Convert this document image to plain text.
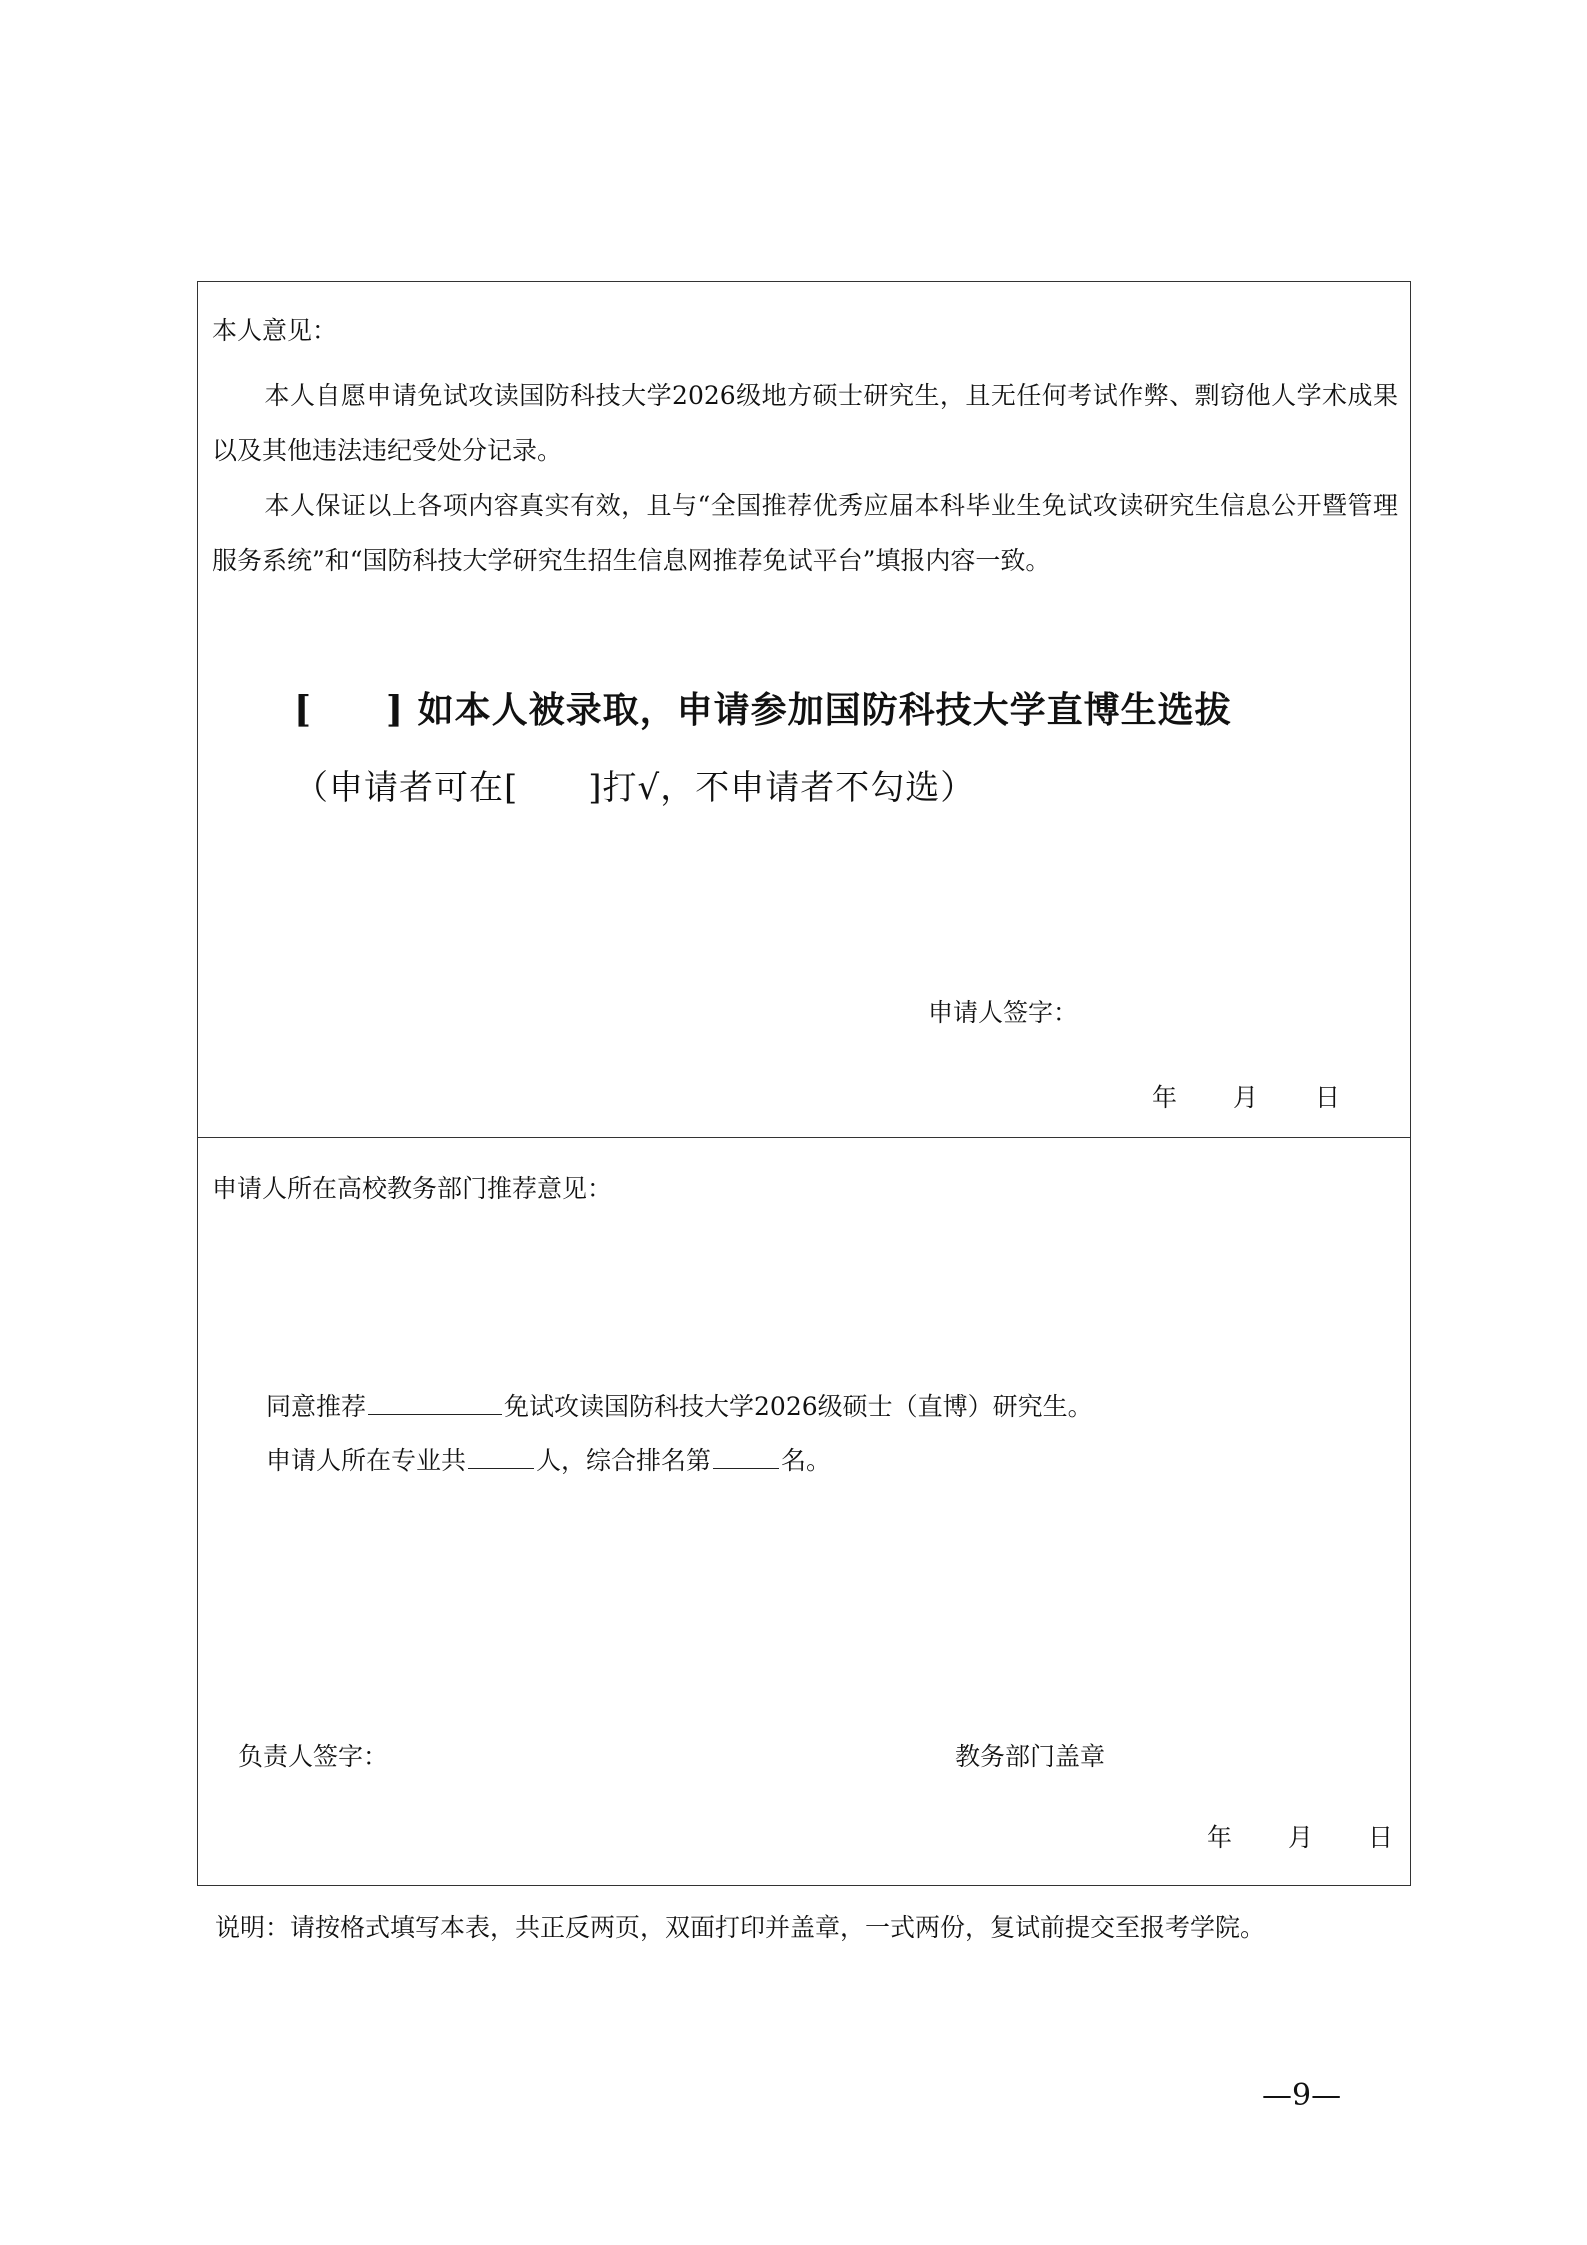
本人意见：
本人自愿申请免试攻读国防科技大学2026级地方硕士研究生，且无任何考试作弊、剽窃他人学术成果以及其他违法违纪受处分记录。
本人保证以上各项内容真实有效，且与“全国推荐优秀应届本科毕业生免试攻读研究生信息公开暨管理服务系统”和“国防科技大学研究生招生信息网推荐免试平台”填报内容一致。
[　　] 如本人被录取，申请参加国防科技大学直博生选拔
（申请者可在[　　]打√，不申请者不勾选）
申请人签字：
年 月 日
申请人所在高校教务部门推荐意见：
同意推荐	免试攻读国防科技大学2026级硕士（直博）研究生。
申请人所在专业共	人，综合排名第	名。
负责人签字：	教务部门盖章
年 月 日
说明：请按格式填写本表，共正反两页，双面打印并盖章，一式两份，复试前提交至报考学院。
—9—
